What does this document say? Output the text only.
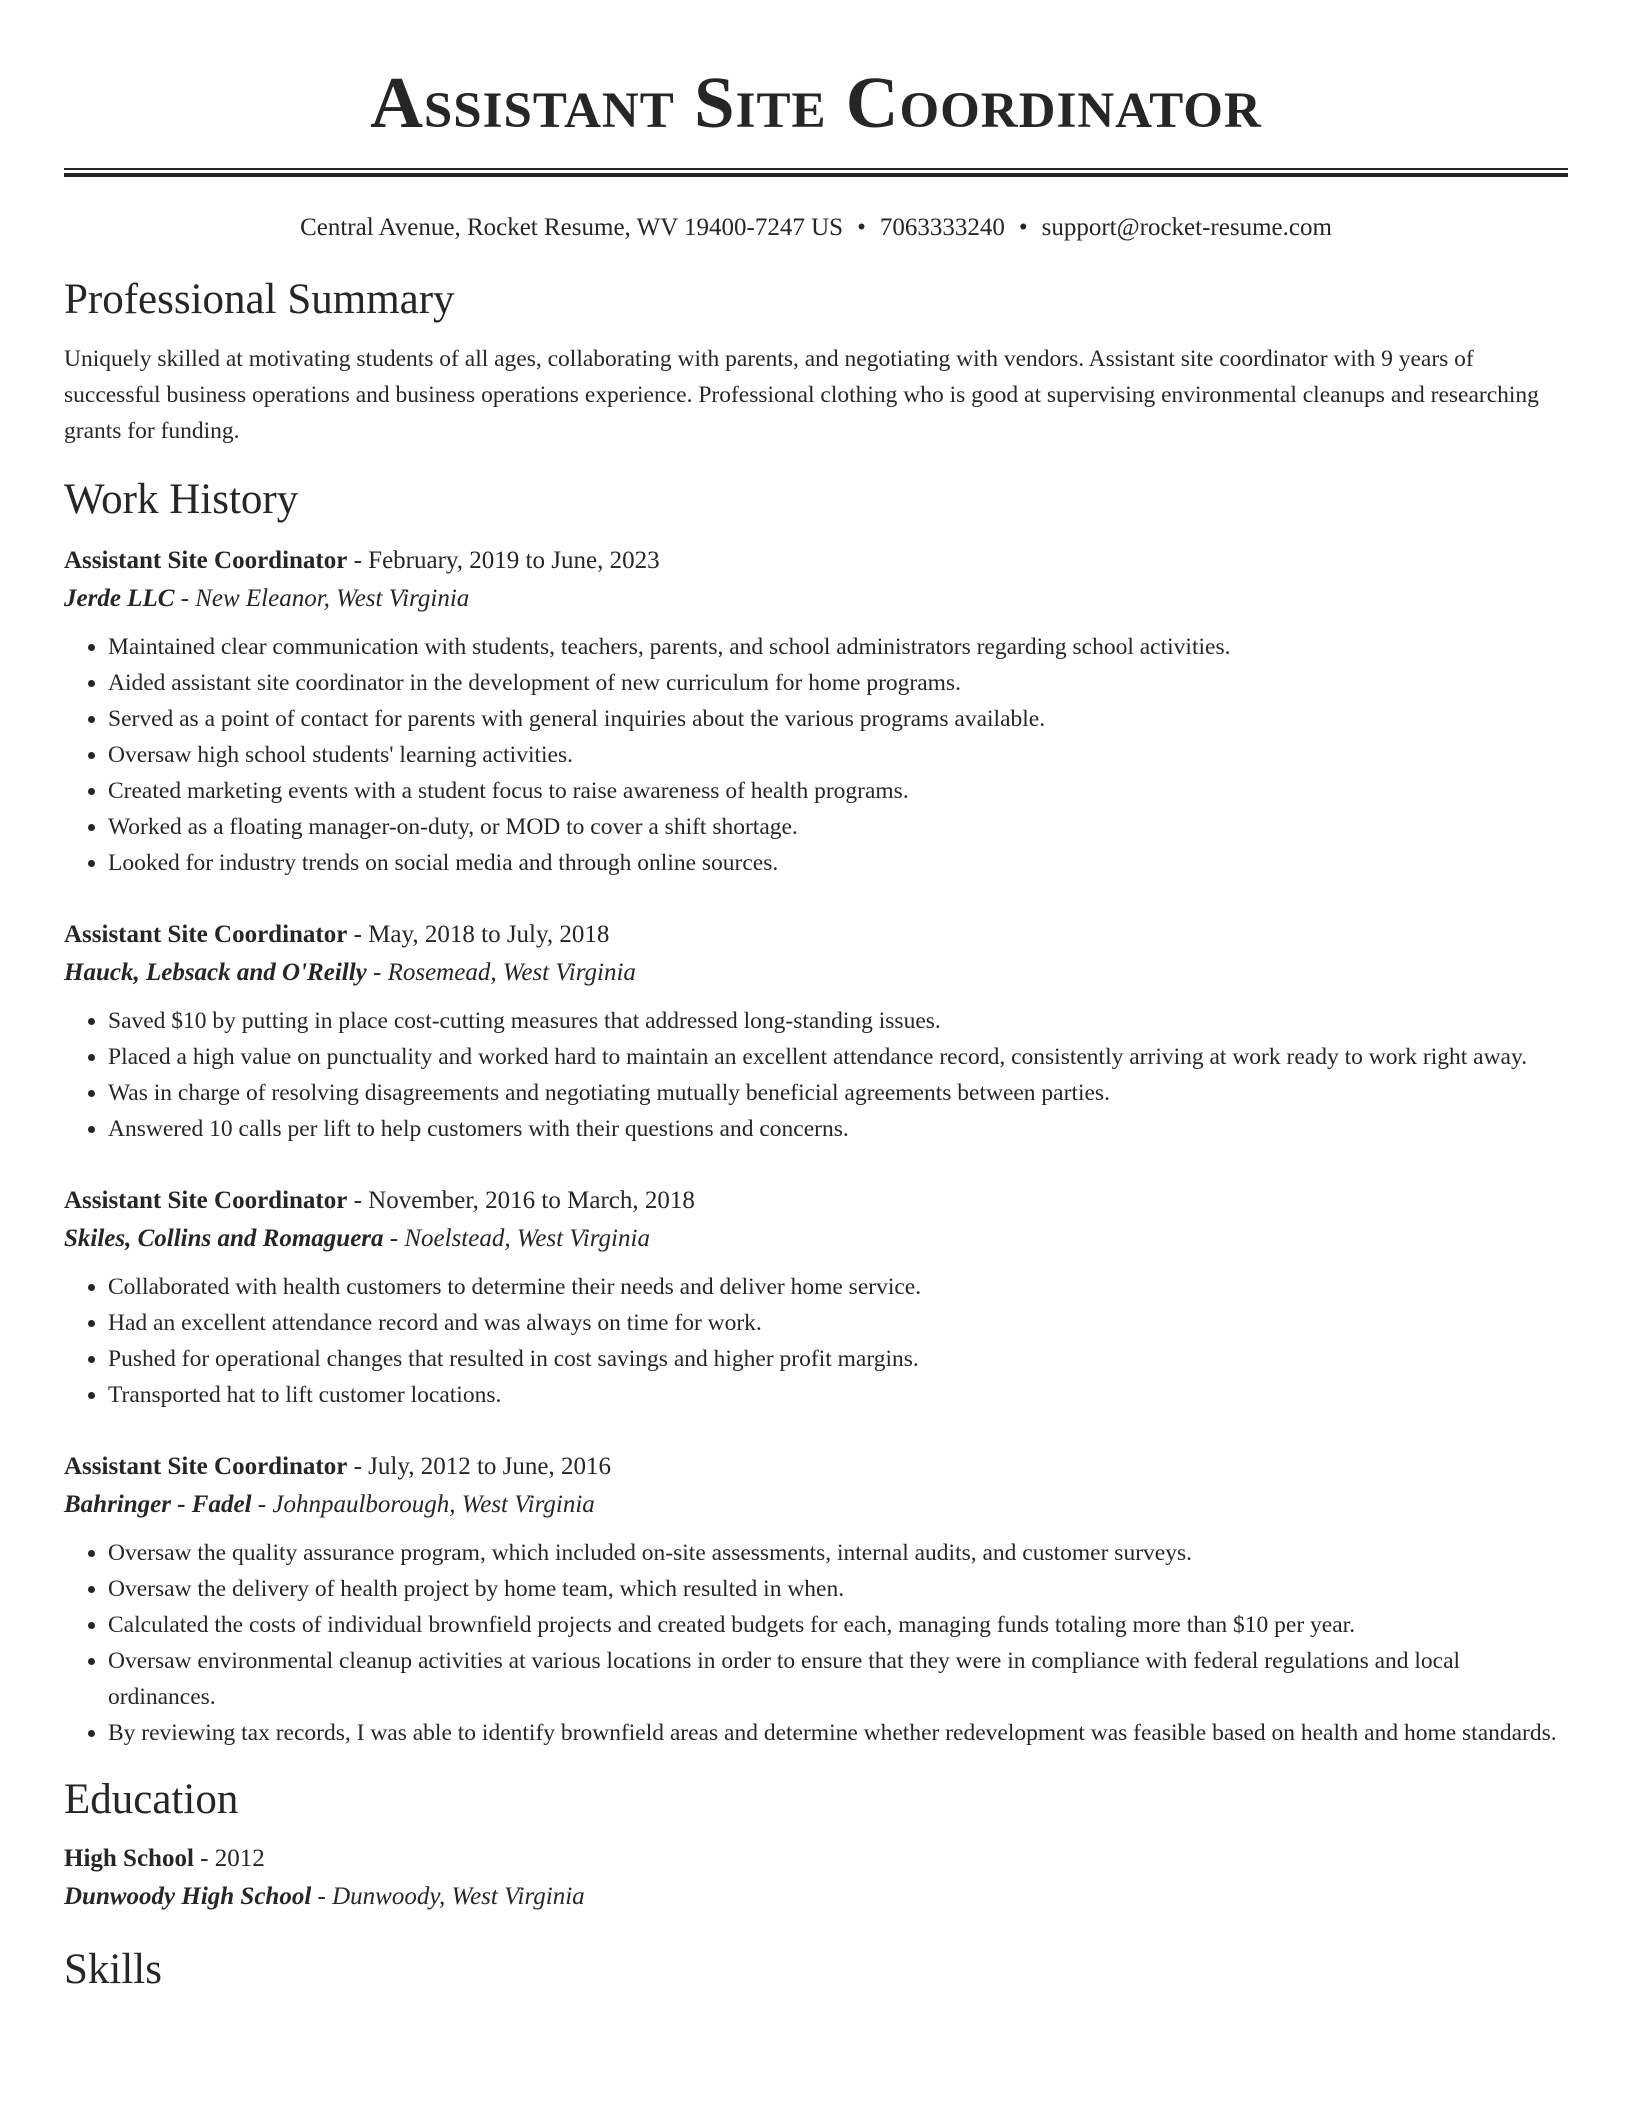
Assistant Site Coordinator
Central Avenue, Rocket Resume, WV 19400-7247 US • 7063333240 • support@rocket-resume.com
Professional Summary

Uniquely skilled at motivating students of all ages, collaborating with parents, and negotiating with vendors. Assistant site coordinator with 9 years of successful business operations and business operations experience. Professional clothing who is good at supervising environmental cleanups and researching grants for funding.

Work History
Assistant Site Coordinator - February, 2019 to June, 2023
Jerde LLC - New Eleanor, West Virginia
• Maintained clear communication with students, teachers, parents, and school administrators regarding school activities.
• Aided assistant site coordinator in the development of new curriculum for home programs.
• Served as a point of contact for parents with general inquiries about the various programs available.
• Oversaw high school students' learning activities.
• Created marketing events with a student focus to raise awareness of health programs.
• Worked as a floating manager-on-duty, or MOD to cover a shift shortage.
• Looked for industry trends on social media and through online sources.
Assistant Site Coordinator - May, 2018 to July, 2018
Hauck, Lebsack and O'Reilly - Rosemead, West Virginia
• Saved $10 by putting in place cost-cutting measures that addressed long-standing issues.
• Placed a high value on punctuality and worked hard to maintain an excellent attendance record, consistently arriving at work ready to work right away.
• Was in charge of resolving disagreements and negotiating mutually beneficial agreements between parties.
• Answered 10 calls per lift to help customers with their questions and concerns.
Assistant Site Coordinator - November, 2016 to March, 2018
Skiles, Collins and Romaguera - Noelstead, West Virginia
• Collaborated with health customers to determine their needs and deliver home service.
• Had an excellent attendance record and was always on time for work.
• Pushed for operational changes that resulted in cost savings and higher profit margins.
• Transported hat to lift customer locations.
Assistant Site Coordinator - July, 2012 to June, 2016
Bahringer - Fadel - Johnpaulborough, West Virginia
• Oversaw the quality assurance program, which included on-site assessments, internal audits, and customer surveys.
• Oversaw the delivery of health project by home team, which resulted in when.
• Calculated the costs of individual brownfield projects and created budgets for each, managing funds totaling more than $10 per year.
• Oversaw environmental cleanup activities at various locations in order to ensure that they were in compliance with federal regulations and local ordinances.
• By reviewing tax records, I was able to identify brownfield areas and determine whether redevelopment was feasible based on health and home standards.
Education
High School - 2012
Dunwoody High School - Dunwoody, West Virginia
Skills
